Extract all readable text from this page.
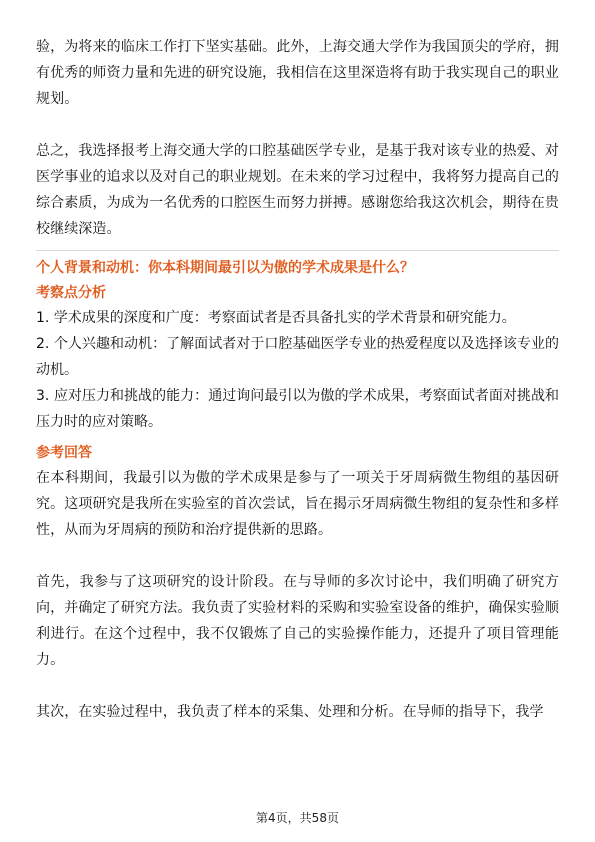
验，为将来的临床工作打下坚实基础。此外，上海交通大学作为我国顶尖的学府，拥有优秀的师资力量和先进的研究设施，我相信在这里深造将有助于我实现自己的职业规划。

总之，我选择报考上海交通大学的口腔基础医学专业，是基于我对该专业的热爱、对医学事业的追求以及对自己的职业规划。在未来的学习过程中，我将努力提高自己的综合素质，为成为一名优秀的口腔医生而努力拼搏。感谢您给我这次机会，期待在贵校继续深造。

个人背景和动机：你本科期间最引以为傲的学术成果是什么？

考察点分析

1. 学术成果的深度和广度：考察面试者是否具备扎实的学术背景和研究能力。

2. 个人兴趣和动机：了解面试者对于口腔基础医学专业的热爱程度以及选择该专业的动机。

3. 应对压力和挑战的能力：通过询问最引以为傲的学术成果，考察面试者面对挑战和压力时的应对策略。

参考回答

在本科期间，我最引以为傲的学术成果是参与了一项关于牙周病微生物组的基因研究。这项研究是我所在实验室的首次尝试，旨在揭示牙周病微生物组的复杂性和多样性，从而为牙周病的预防和治疗提供新的思路。

首先，我参与了这项研究的设计阶段。在与导师的多次讨论中，我们明确了研究方向，并确定了研究方法。我负责了实验材料的采购和实验室设备的维护，确保实验顺利进行。在这个过程中，我不仅锻炼了自己的实验操作能力，还提升了项目管理能力。

其次，在实验过程中，我负责了样本的采集、处理和分析。在导师的指导下，我学

第4页，共58页
